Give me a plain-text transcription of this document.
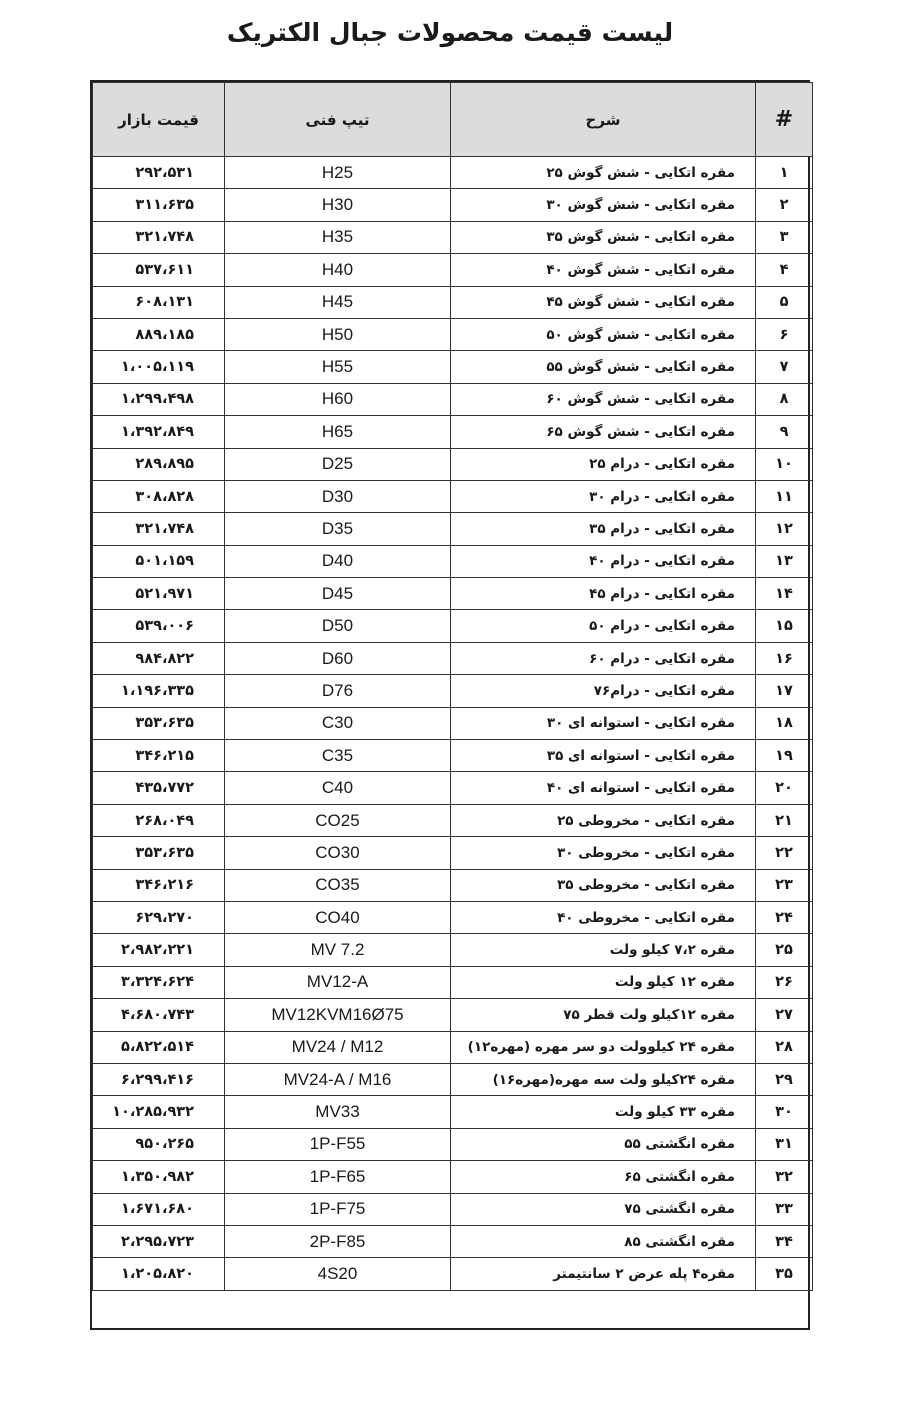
لیست قیمت محصولات جبال الکتریک
#	شرح	تیپ فنی	قیمت بازار
۱	مقره اتکایی - شش گوش ۲۵	H25	۲۹۲،۵۳۱
۲	مقره اتکایی - شش گوش ۳۰	H30	۳۱۱،۶۳۵
۳	مقره اتکایی - شش گوش ۳۵	H35	۳۲۱،۷۴۸
۴	مقره اتکایی - شش گوش ۴۰	H40	۵۳۷،۶۱۱
۵	مقره اتکایی - شش گوش ۴۵	H45	۶۰۸،۱۳۱
۶	مقره اتکایی - شش گوش ۵۰	H50	۸۸۹،۱۸۵
۷	مقره اتکایی - شش گوش ۵۵	H55	۱،۰۰۵،۱۱۹
۸	مقره اتکایی - شش گوش ۶۰	H60	۱،۲۹۹،۴۹۸
۹	مقره اتکایی - شش گوش ۶۵	H65	۱،۳۹۲،۸۴۹
۱۰	مقره اتکایی - درام ۲۵	D25	۲۸۹،۸۹۵
۱۱	مقره اتکایی - درام ۳۰	D30	۳۰۸،۸۲۸
۱۲	مقره اتکایی - درام ۳۵	D35	۳۲۱،۷۴۸
۱۳	مقره اتکایی - درام ۴۰	D40	۵۰۱،۱۵۹
۱۴	مقره اتکایی - درام ۴۵	D45	۵۲۱،۹۷۱
۱۵	مقره اتکایی - درام ۵۰	D50	۵۳۹،۰۰۶
۱۶	مقره اتکایی - درام ۶۰	D60	۹۸۴،۸۲۲
۱۷	مقره اتکایی - درام۷۶	D76	۱،۱۹۶،۳۳۵
۱۸	مقره اتکایی - استوانه ای ۳۰	C30	۳۵۳،۶۳۵
۱۹	مقره اتکایی - استوانه ای ۳۵	C35	۳۴۶،۲۱۵
۲۰	مقره اتکایی - استوانه ای ۴۰	C40	۴۳۵،۷۷۲
۲۱	مقره اتکایی - مخروطی ۲۵	CO25	۲۶۸،۰۴۹
۲۲	مقره اتکایی - مخروطی ۳۰	CO30	۳۵۳،۶۳۵
۲۳	مقره اتکایی - مخروطی ۳۵	CO35	۳۴۶،۲۱۶
۲۴	مقره اتکایی - مخروطی ۴۰	CO40	۶۲۹،۲۷۰
۲۵	مقره ۷،۲ کیلو ولت	MV 7.2	۲،۹۸۲،۲۲۱
۲۶	مقره ۱۲ کیلو ولت	MV12-A	۳،۳۲۴،۶۲۴
۲۷	مقره ۱۲کیلو ولت قطر ۷۵	MV12KVM16Ø75	۴،۶۸۰،۷۴۳
۲۸	مقره ۲۴ کیلوولت دو سر مهره (مهره۱۲)	MV24 / M12	۵،۸۲۲،۵۱۴
۲۹	مقره ۲۴کیلو ولت سه مهره(مهره۱۶)	MV24-A / M16	۶،۲۹۹،۴۱۶
۳۰	مقره ۳۳ کیلو ولت	MV33	۱۰،۲۸۵،۹۳۲
۳۱	مقره انگشتی ۵۵	1P-F55	۹۵۰،۲۶۵
۳۲	مقره انگشتی ۶۵	1P-F65	۱،۳۵۰،۹۸۲
۳۳	مقره انگشتی ۷۵	1P-F75	۱،۶۷۱،۶۸۰
۳۴	مقره انگشتی ۸۵	2P-F85	۲،۲۹۵،۷۲۳
۳۵	مقره۴ پله عرض ۲ سانتیمتر	4S20	۱،۲۰۵،۸۲۰
